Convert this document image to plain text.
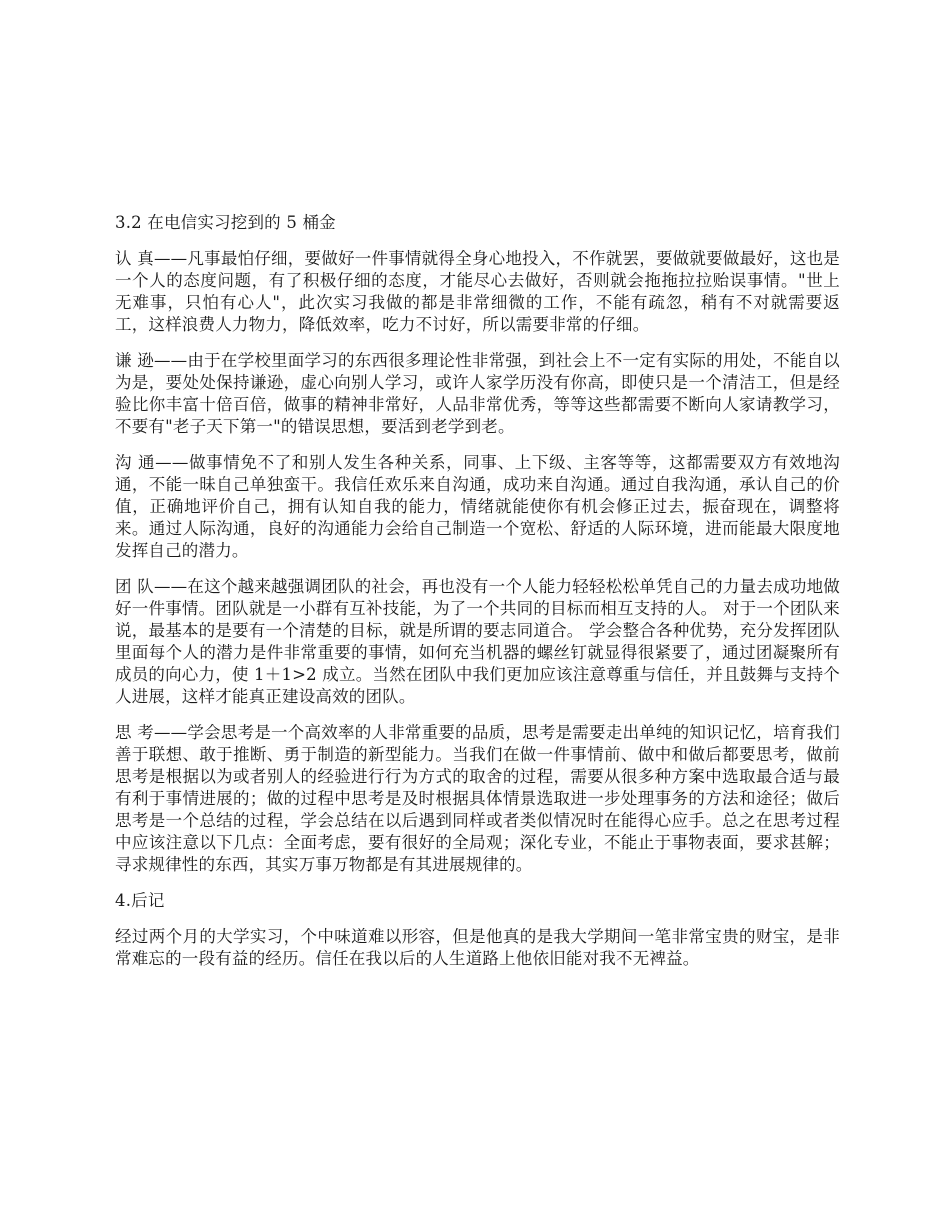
3.2 在电信实习挖到的 5 桶金

认 真——凡事最怕仔细，要做好一件事情就得全身心地投入，不作就罢，要做就要做最好，这也是一个人的态度问题，有了积极仔细的态度，才能尽心去做好，否则就会拖拖拉拉贻误事情。"世上无难事，只怕有心人"，此次实习我做的都是非常细微的工作，不能有疏忽，稍有不对就需要返工，这样浪费人力物力，降低效率，吃力不讨好，所以需要非常的仔细。

谦 逊——由于在学校里面学习的东西很多理论性非常强，到社会上不一定有实际的用处，不能自以为是，要处处保持谦逊，虚心向别人学习，或许人家学历没有你高，即使只是一个清洁工，但是经验比你丰富十倍百倍，做事的精神非常好，人品非常优秀，等等这些都需要不断向人家请教学习，不要有"老子天下第一"的错误思想，要活到老学到老。

沟 通——做事情免不了和别人发生各种关系，同事、上下级、主客等等，这都需要双方有效地沟通，不能一昧自己单独蛮干。我信任欢乐来自沟通，成功来自沟通。通过自我沟通，承认自己的价值，正确地评价自己，拥有认知自我的能力，情绪就能使你有机会修正过去，振奋现在，调整将来。通过人际沟通，良好的沟通能力会给自己制造一个宽松、舒适的人际环境，进而能最大限度地发挥自己的潜力。

团 队——在这个越来越强调团队的社会，再也没有一个人能力轻轻松松单凭自己的力量去成功地做好一件事情。团队就是一小群有互补技能，为了一个共同的目标而相互支持的人。 对于一个团队来说，最基本的是要有一个清楚的目标，就是所谓的要志同道合。 学会整合各种优势，充分发挥团队里面每个人的潜力是件非常重要的事情，如何充当机器的螺丝钉就显得很紧要了，通过团凝聚所有成员的向心力，使 1＋1>2 成立。当然在团队中我们更加应该注意尊重与信任，并且鼓舞与支持个人进展，这样才能真正建设高效的团队。

思 考——学会思考是一个高效率的人非常重要的品质，思考是需要走出单纯的知识记忆，培育我们善于联想、敢于推断、勇于制造的新型能力。当我们在做一件事情前、做中和做后都要思考，做前思考是根据以为或者别人的经验进行行为方式的取舍的过程，需要从很多种方案中选取最合适与最有利于事情进展的；做的过程中思考是及时根据具体情景选取进一步处理事务的方法和途径；做后思考是一个总结的过程，学会总结在以后遇到同样或者类似情况时在能得心应手。总之在思考过程中应该注意以下几点：全面考虑，要有很好的全局观；深化专业，不能止于事物表面，要求甚解；寻求规律性的东西，其实万事万物都是有其进展规律的。

4.后记

经过两个月的大学实习，个中味道难以形容，但是他真的是我大学期间一笔非常宝贵的财宝，是非常难忘的一段有益的经历。信任在我以后的人生道路上他依旧能对我不无裨益。
